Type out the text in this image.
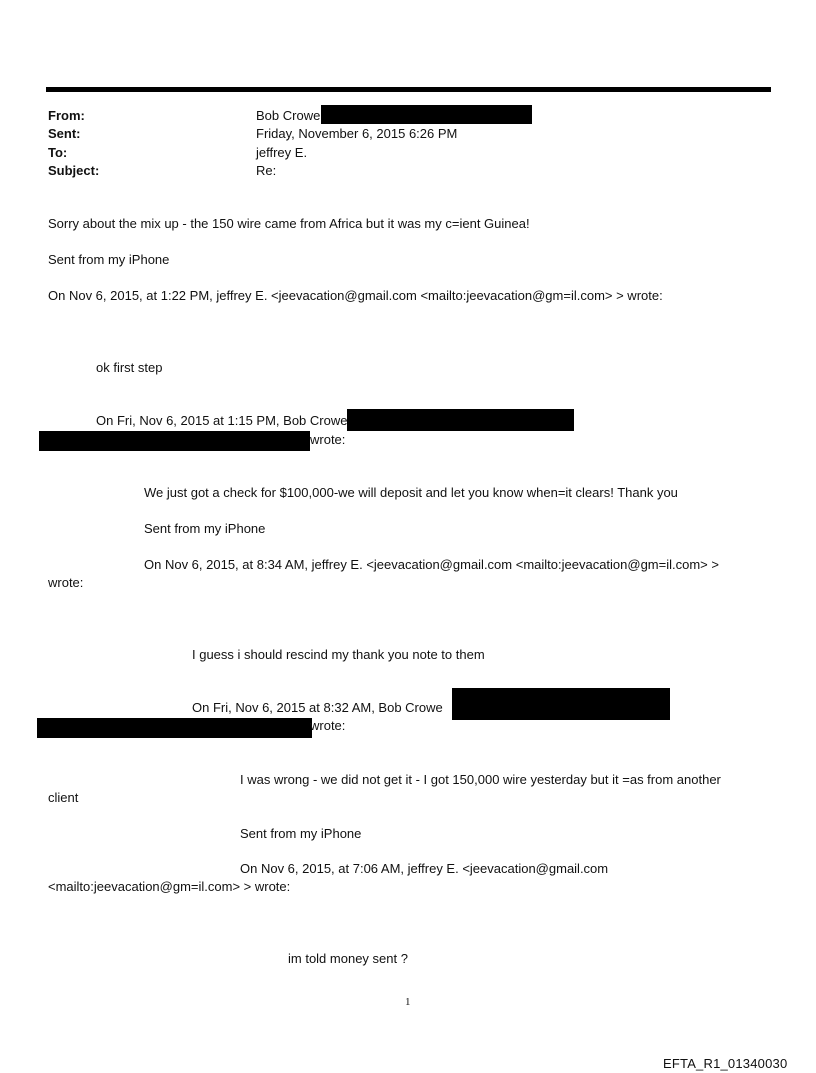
From:	Bob Crowe
Sent:	Friday, November 6, 2015 6:26 PM
To:	jeffrey E.
Subject:	Re:
Sorry about the mix up - the 150 wire came from Africa but it was my c=ient Guinea!
Sent from my iPhone
On Nov 6, 2015, at 1:22 PM, jeffrey E. <jeevacation@gmail.com <mailto:jeevacation@gm=il.com> > wrote:
ok first step
On Fri, Nov 6, 2015 at 1:15 PM, Bob Crowe
wrote:
We just got a check for $100,000-we will deposit and let you know when=it clears! Thank you
Sent from my iPhone
On Nov 6, 2015, at 8:34 AM, jeffrey E. <jeevacation@gmail.com <mailto:jeevacation@gm=il.com> >
wrote:
I guess i should rescind my thank you note to them
On Fri, Nov 6, 2015 at 8:32 AM, Bob Crowe
wrote:
I was wrong - we did not get it - I got 150,000 wire yesterday but it =as from another
client
Sent from my iPhone
On Nov 6, 2015, at 7:06 AM, jeffrey E. <jeevacation@gmail.com
<mailto:jeevacation@gm=il.com> > wrote:
im told money sent ?
1
EFTA_R1_01340030
